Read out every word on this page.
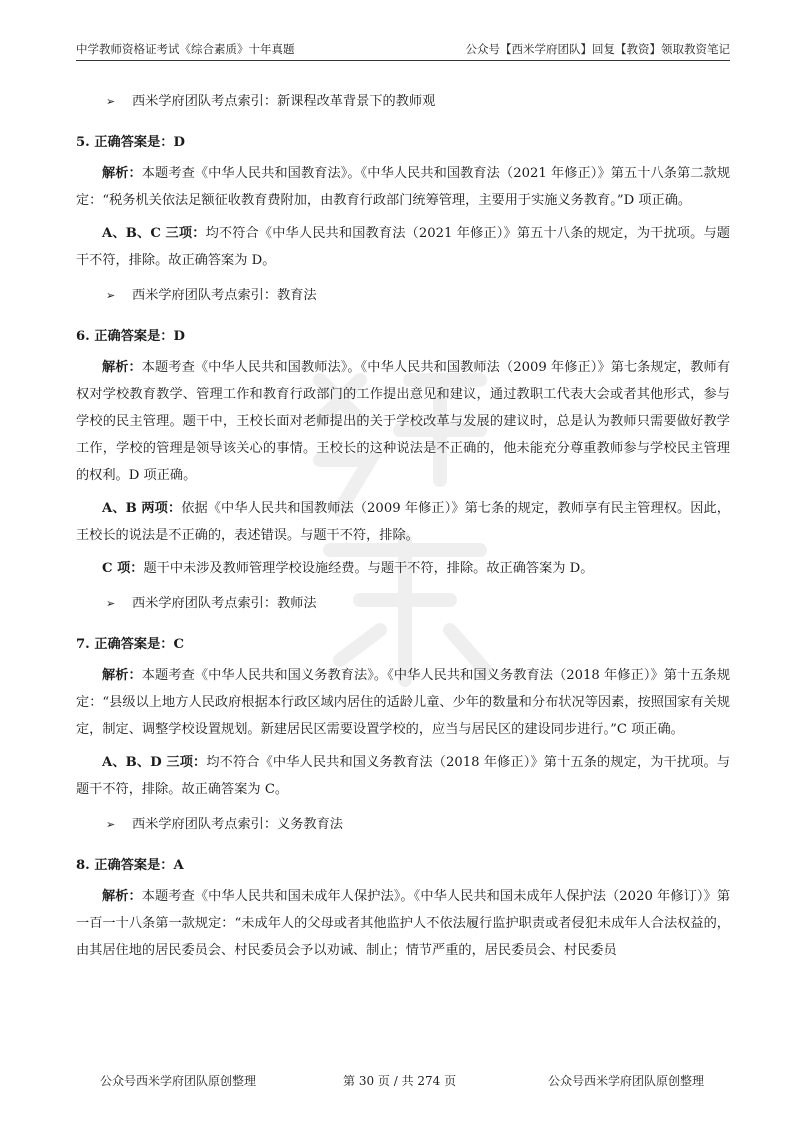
中学教师资格证考试《综合素质》十年真题	公众号【西米学府团队】回复【教资】领取教资笔记

➢ 西米学府团队考点索引：新课程改革背景下的教师观

5. 正确答案是：D

解析：本题考查《中华人民共和国教育法》。《中华人民共和国教育法（2021 年修正）》第五十八条第二款规定：“税务机关依法足额征收教育费附加，由教育行政部门统筹管理，主要用于实施义务教育。”D 项正确。

A、B、C 三项：均不符合《中华人民共和国教育法（2021 年修正）》第五十八条的规定，为干扰项。与题干不符，排除。故正确答案为 D。

➢ 西米学府团队考点索引：教育法

6. 正确答案是：D

解析：本题考查《中华人民共和国教师法》。《中华人民共和国教师法（2009 年修正）》第七条规定，教师有权对学校教育教学、管理工作和教育行政部门的工作提出意见和建议，通过教职工代表大会或者其他形式，参与学校的民主管理。题干中，王校长面对老师提出的关于学校改革与发展的建议时，总是认为教师只需要做好教学工作，学校的管理是领导该关心的事情。王校长的这种说法是不正确的，他未能充分尊重教师参与学校民主管理的权利。D 项正确。

A、B 两项：依据《中华人民共和国教师法（2009 年修正）》第七条的规定，教师享有民主管理权。因此，王校长的说法是不正确的，表述错误。与题干不符，排除。

C 项：题干中未涉及教师管理学校设施经费。与题干不符，排除。故正确答案为 D。

➢ 西米学府团队考点索引：教师法

7. 正确答案是：C

解析：本题考查《中华人民共和国义务教育法》。《中华人民共和国义务教育法（2018 年修正）》第十五条规定：“县级以上地方人民政府根据本行政区域内居住的适龄儿童、少年的数量和分布状况等因素，按照国家有关规定，制定、调整学校设置规划。新建居民区需要设置学校的，应当与居民区的建设同步进行。”C 项正确。

A、B、D 三项：均不符合《中华人民共和国义务教育法（2018 年修正）》第十五条的规定，为干扰项。与题干不符，排除。故正确答案为 C。

➢ 西米学府团队考点索引：义务教育法

8. 正确答案是：A

解析：本题考查《中华人民共和国未成年人保护法》。《中华人民共和国未成年人保护法（2020 年修订）》第一百一十八条第一款规定：“未成年人的父母或者其他监护人不依法履行监护职责或者侵犯未成年人合法权益的，由其居住地的居民委员会、村民委员会予以劝诫、制止；情节严重的，居民委员会、村民委员

公众号西米学府团队原创整理	第 30 页 / 共 274 页	公众号西米学府团队原创整理
